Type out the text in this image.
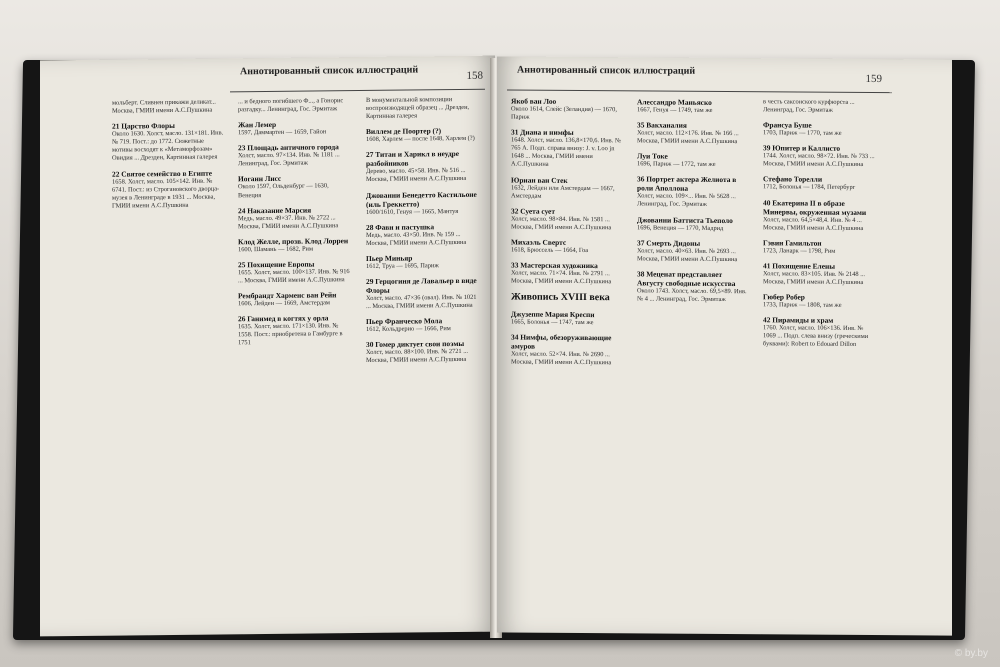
Аннотированный список иллюстраций	158
мольберт. Сливнен прикажи деликат... Москва, ГМИИ имени А.С.Пушкина
21 Царство Флоры
Около 1630. Холст, масло. 131×181. Инв. № 719. Пост.: до 1772. Сюжетные мотивы восходят к «Метаморфозам» Овидия ... Дрезден, Картинная галерея
22 Святое семейство в Египте
1658. Холст, масло. 105×142. Инв. № 6741. Пост.: из Строгановского дворца-музея в Ленинграде в 1931 ... Москва, ГМИИ имени А.С.Пушкина
... и бедного погибшего Ф..., а Гонорис разгадку... Ленинград, Гос. Эрмитаж
Жан Лемер
1597, Даммартен — 1659, Гайон
23 Площадь античного города
Холст, масло. 97×134. Инв. № 1181 ... Ленинград, Гос. Эрмитаж
Иоганн Лисс
Около 1597, Ольденбург — 1630, Венеция
24 Наказание Марсия
Медь, масло. 49×37. Инв. № 2722 ... Москва, ГМИИ имени А.С.Пушкина
Клод Желле, прозв. Клод Лоррен
1600, Шамань — 1682, Рим
25 Похищение Европы
1655. Холст, масло. 100×137. Инв. № 916 ... Москва, ГМИИ имени А.С.Пушкина
Рембрандт Харменс ван Рейн
1606, Лейден — 1669, Амстердам
26 Ганимед в когтях у орла
1635. Холст, масло. 171×130. Инв. № 1558. Пост.: приобретена в Гамбурге в 1751
В монументальной композиции воспроизводящей образец ... Дрезден, Картинная галерея
Виллем де Поортер (?)
1608, Харлем — после 1648, Харлем (?)
27 Титан и Харикл в неудре разбойников
Дерево, масло. 45×58. Инв. № 516 ... Москва, ГМИИ имени А.С.Пушкина
Джованни Бенедетто Кастильоне (иль Греккетто)
1600/1610, Генуя — 1665, Мантуя
28 Фавн и пастушка
Медь, масло. 43×50. Инв. № 159 ... Москва, ГМИИ имени А.С.Пушкина
Пьер Миньяр
1612, Труа — 1695, Париж
29 Герцогиня де Лавальер в виде Флоры
Холст, масло. 47×36 (овал). Инв. № 1021 ... Москва, ГМИИ имени А.С.Пушкина
Пьер Франческо Мола
1612, Кольдрерио — 1666, Рим
30 Гомер диктует свои поэмы
Холст, масло. 88×100. Инв. № 2721 ... Москва, ГМИИ имени А.С.Пушкина
Аннотированный список иллюстраций
159
Якоб ван Лоо
Около 1614, Слейс (Зеландия) — 1670, Париж
31 Диана и нимфы
1648. Холст, масло. 136,8×170,6. Инв. № 765 А. Подп. справа внизу: J. v. Loo jn 1648 ... Москва, ГМИИ имени А.С.Пушкина
Юриан ван Стек
1632, Лейден или Амстердам — 1667, Амстердам
32 Суета сует
Холст, масло. 98×84. Инв. № 1581 ... Москва, ГМИИ имени А.С.Пушкина
Михаэль Свертс
1618, Брюссель — 1664, Гоа
33 Мастерская художника
Холст, масло. 71×74. Инв. № 2791 ... Москва, ГМИИ имени А.С.Пушкина
Живопись XVIII века
Джузеппе Мария Креспи
1665, Болонья — 1747, там же
34 Нимфы, обезоруживающие амуров
Холст, масло. 52×74. Инв. № 2690 ... Москва, ГМИИ имени А.С.Пушкина
Алессандро Маньяско
1667, Генуя — 1749, там же
35 Вакханалия
Холст, масло. 112×176. Инв. № 166 ... Москва, ГМИИ имени А.С.Пушкина
Луи Токе
1696, Париж — 1772, там же
36 Портрет актера Желиота в роли Аполлона
Холст, масло. 109×... Инв. № 5628 ... Ленинград, Гос. Эрмитаж
Джованни Баттиста Тьеполо
1696, Венеция — 1770, Мадрид
37 Смерть Дидоны
Холст, масло. 40×63. Инв. № 2693 ... Москва, ГМИИ имени А.С.Пушкина
38 Меценат представляет Августу свободные искусства
Около 1743. Холст, масло. 69,5×89. Инв. № 4 ... Ленинград, Гос. Эрмитаж
в честь саксонского курфюрста ... Ленинград, Гос. Эрмитаж
Франсуа Буше
1703, Париж — 1770, там же
39 Юпитер и Каллисто
1744. Холст, масло. 98×72. Инв. № 733 ... Москва, ГМИИ имени А.С.Пушкина
Стефано Торелли
1712, Болонья — 1784, Петербург
40 Екатерина II в образе Минервы, окруженная музами
Холст, масло. 64,5×48,4. Инв. № 4 ... Москва, ГМИИ имени А.С.Пушкина
Гэвин Гамильтон
1723, Ланарк — 1798, Рим
41 Похищение Елены
Холст, масло. 83×105. Инв. № 2148 ... Москва, ГМИИ имени А.С.Пушкина
Гюбер Робер
1733, Париж — 1808, там же
42 Пирамиды и храм
1760. Холст, масло. 106×136. Инв. № 1069 ... Подп. слева внизу (греческими буквами): Robert to Edouard Dillon
© by.by
